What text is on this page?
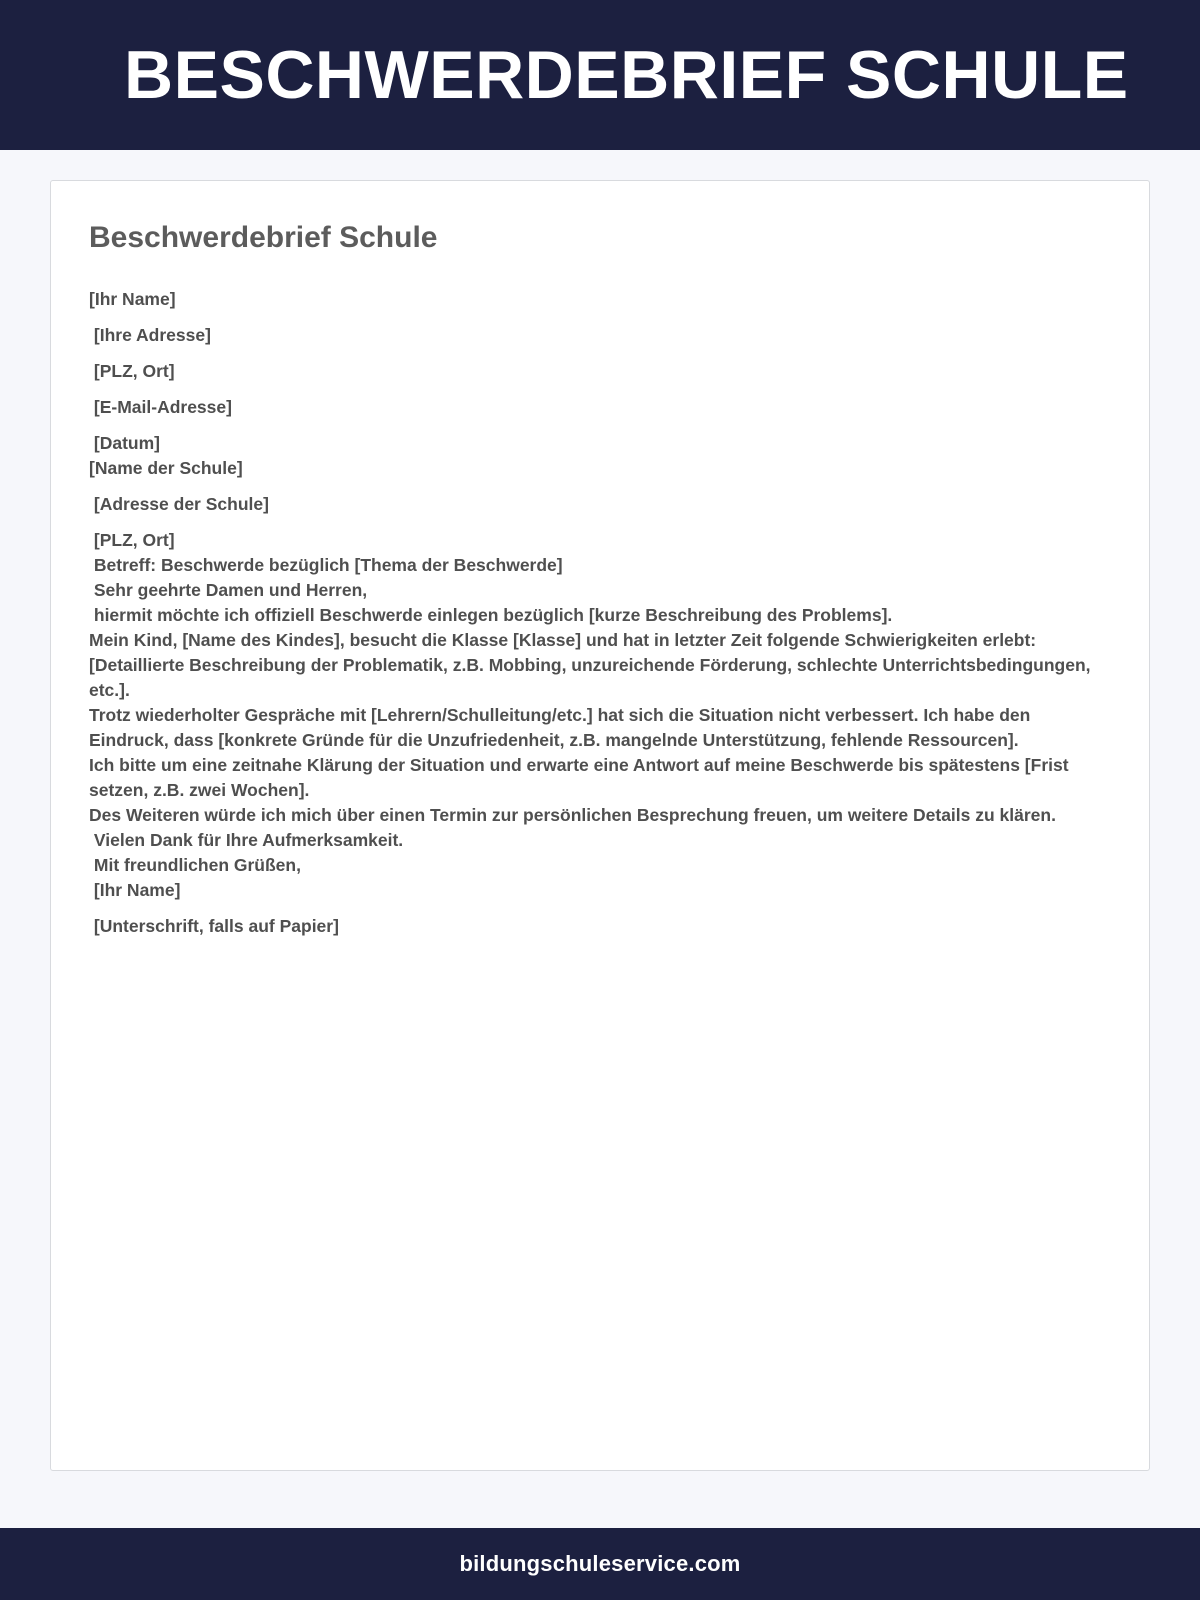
BESCHWERDEBRIEF SCHULE
Beschwerdebrief Schule

[Ihr Name]

[Ihre Adresse]

[PLZ, Ort]

[E-Mail-Adresse]

[Datum]

[Name der Schule]

[Adresse der Schule]

[PLZ, Ort]

Betreff: Beschwerde bezüglich [Thema der Beschwerde]

Sehr geehrte Damen und Herren,

hiermit möchte ich offiziell Beschwerde einlegen bezüglich [kurze Beschreibung des Problems].

Mein Kind, [Name des Kindes], besucht die Klasse [Klasse] und hat in letzter Zeit folgende Schwierigkeiten erlebt: [Detaillierte Beschreibung der Problematik, z.B. Mobbing, unzureichende Förderung, schlechte Unterrichtsbedingungen, etc.].

Trotz wiederholter Gespräche mit [Lehrern/Schulleitung/etc.] hat sich die Situation nicht verbessert. Ich habe den Eindruck, dass [konkrete Gründe für die Unzufriedenheit, z.B. mangelnde Unterstützung, fehlende Ressourcen].

Ich bitte um eine zeitnahe Klärung der Situation und erwarte eine Antwort auf meine Beschwerde bis spätestens [Frist setzen, z.B. zwei Wochen].

Des Weiteren würde ich mich über einen Termin zur persönlichen Besprechung freuen, um weitere Details zu klären.

Vielen Dank für Ihre Aufmerksamkeit.

Mit freundlichen Grüßen,

[Ihr Name]

[Unterschrift, falls auf Papier]

bildungschuleservice.com
